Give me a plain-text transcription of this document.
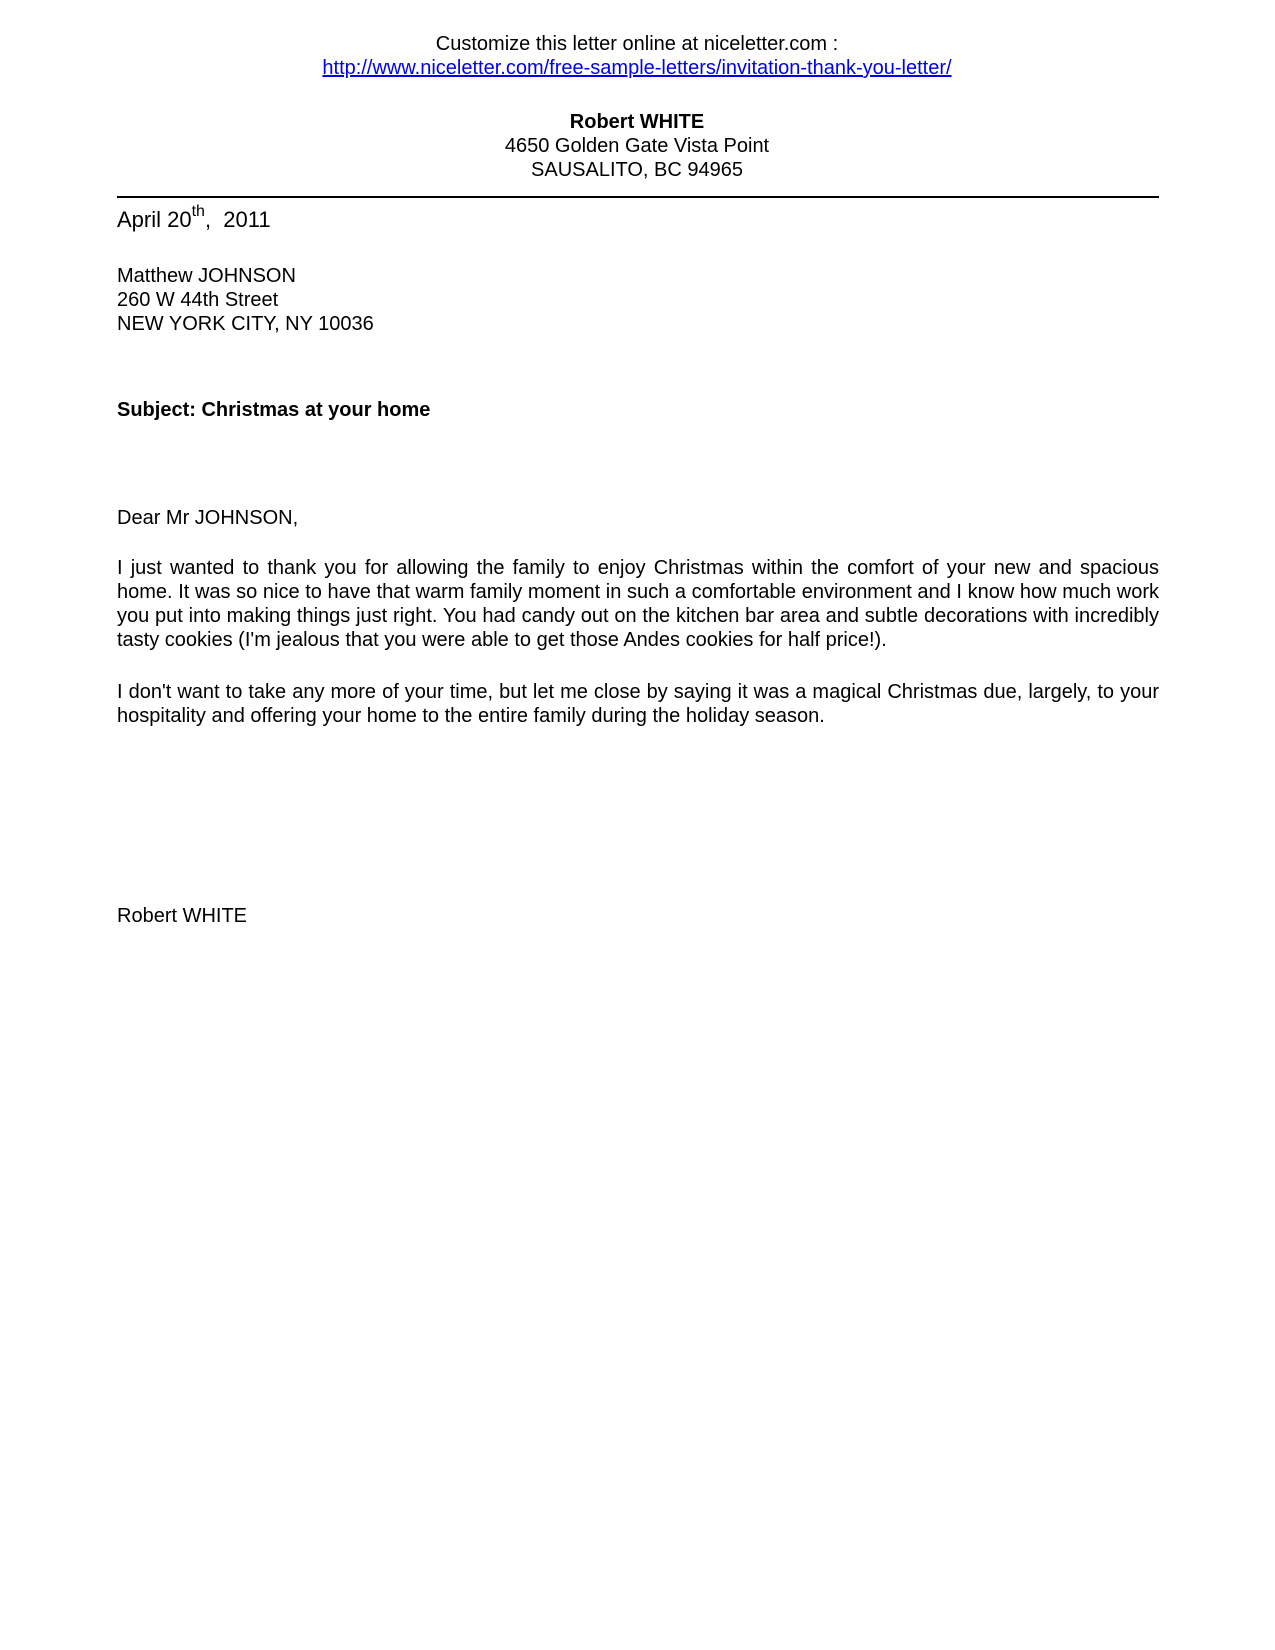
Customize this letter online at niceletter.com :
http://www.niceletter.com/free-sample-letters/invitation-thank-you-letter/
Robert WHITE
4650 Golden Gate Vista Point
SAUSALITO, BC 94965
April 20th,  2011
Matthew JOHNSON
260 W 44th Street
NEW YORK CITY, NY 10036
Subject: Christmas at your home
Dear Mr JOHNSON,
I just wanted to thank you for allowing the family to enjoy Christmas within the comfort of your new and spacious home. It was so nice to have that warm family moment in such a comfortable environment and I know how much work you put into making things just right. You had candy out on the kitchen bar area and subtle decorations with incredibly tasty cookies (I'm jealous that you were able to get those Andes cookies for half price!).
I don't want to take any more of your time, but let me close by saying it was a magical Christmas due, largely, to your hospitality and offering your home to the entire family during the holiday season.
Robert WHITE
